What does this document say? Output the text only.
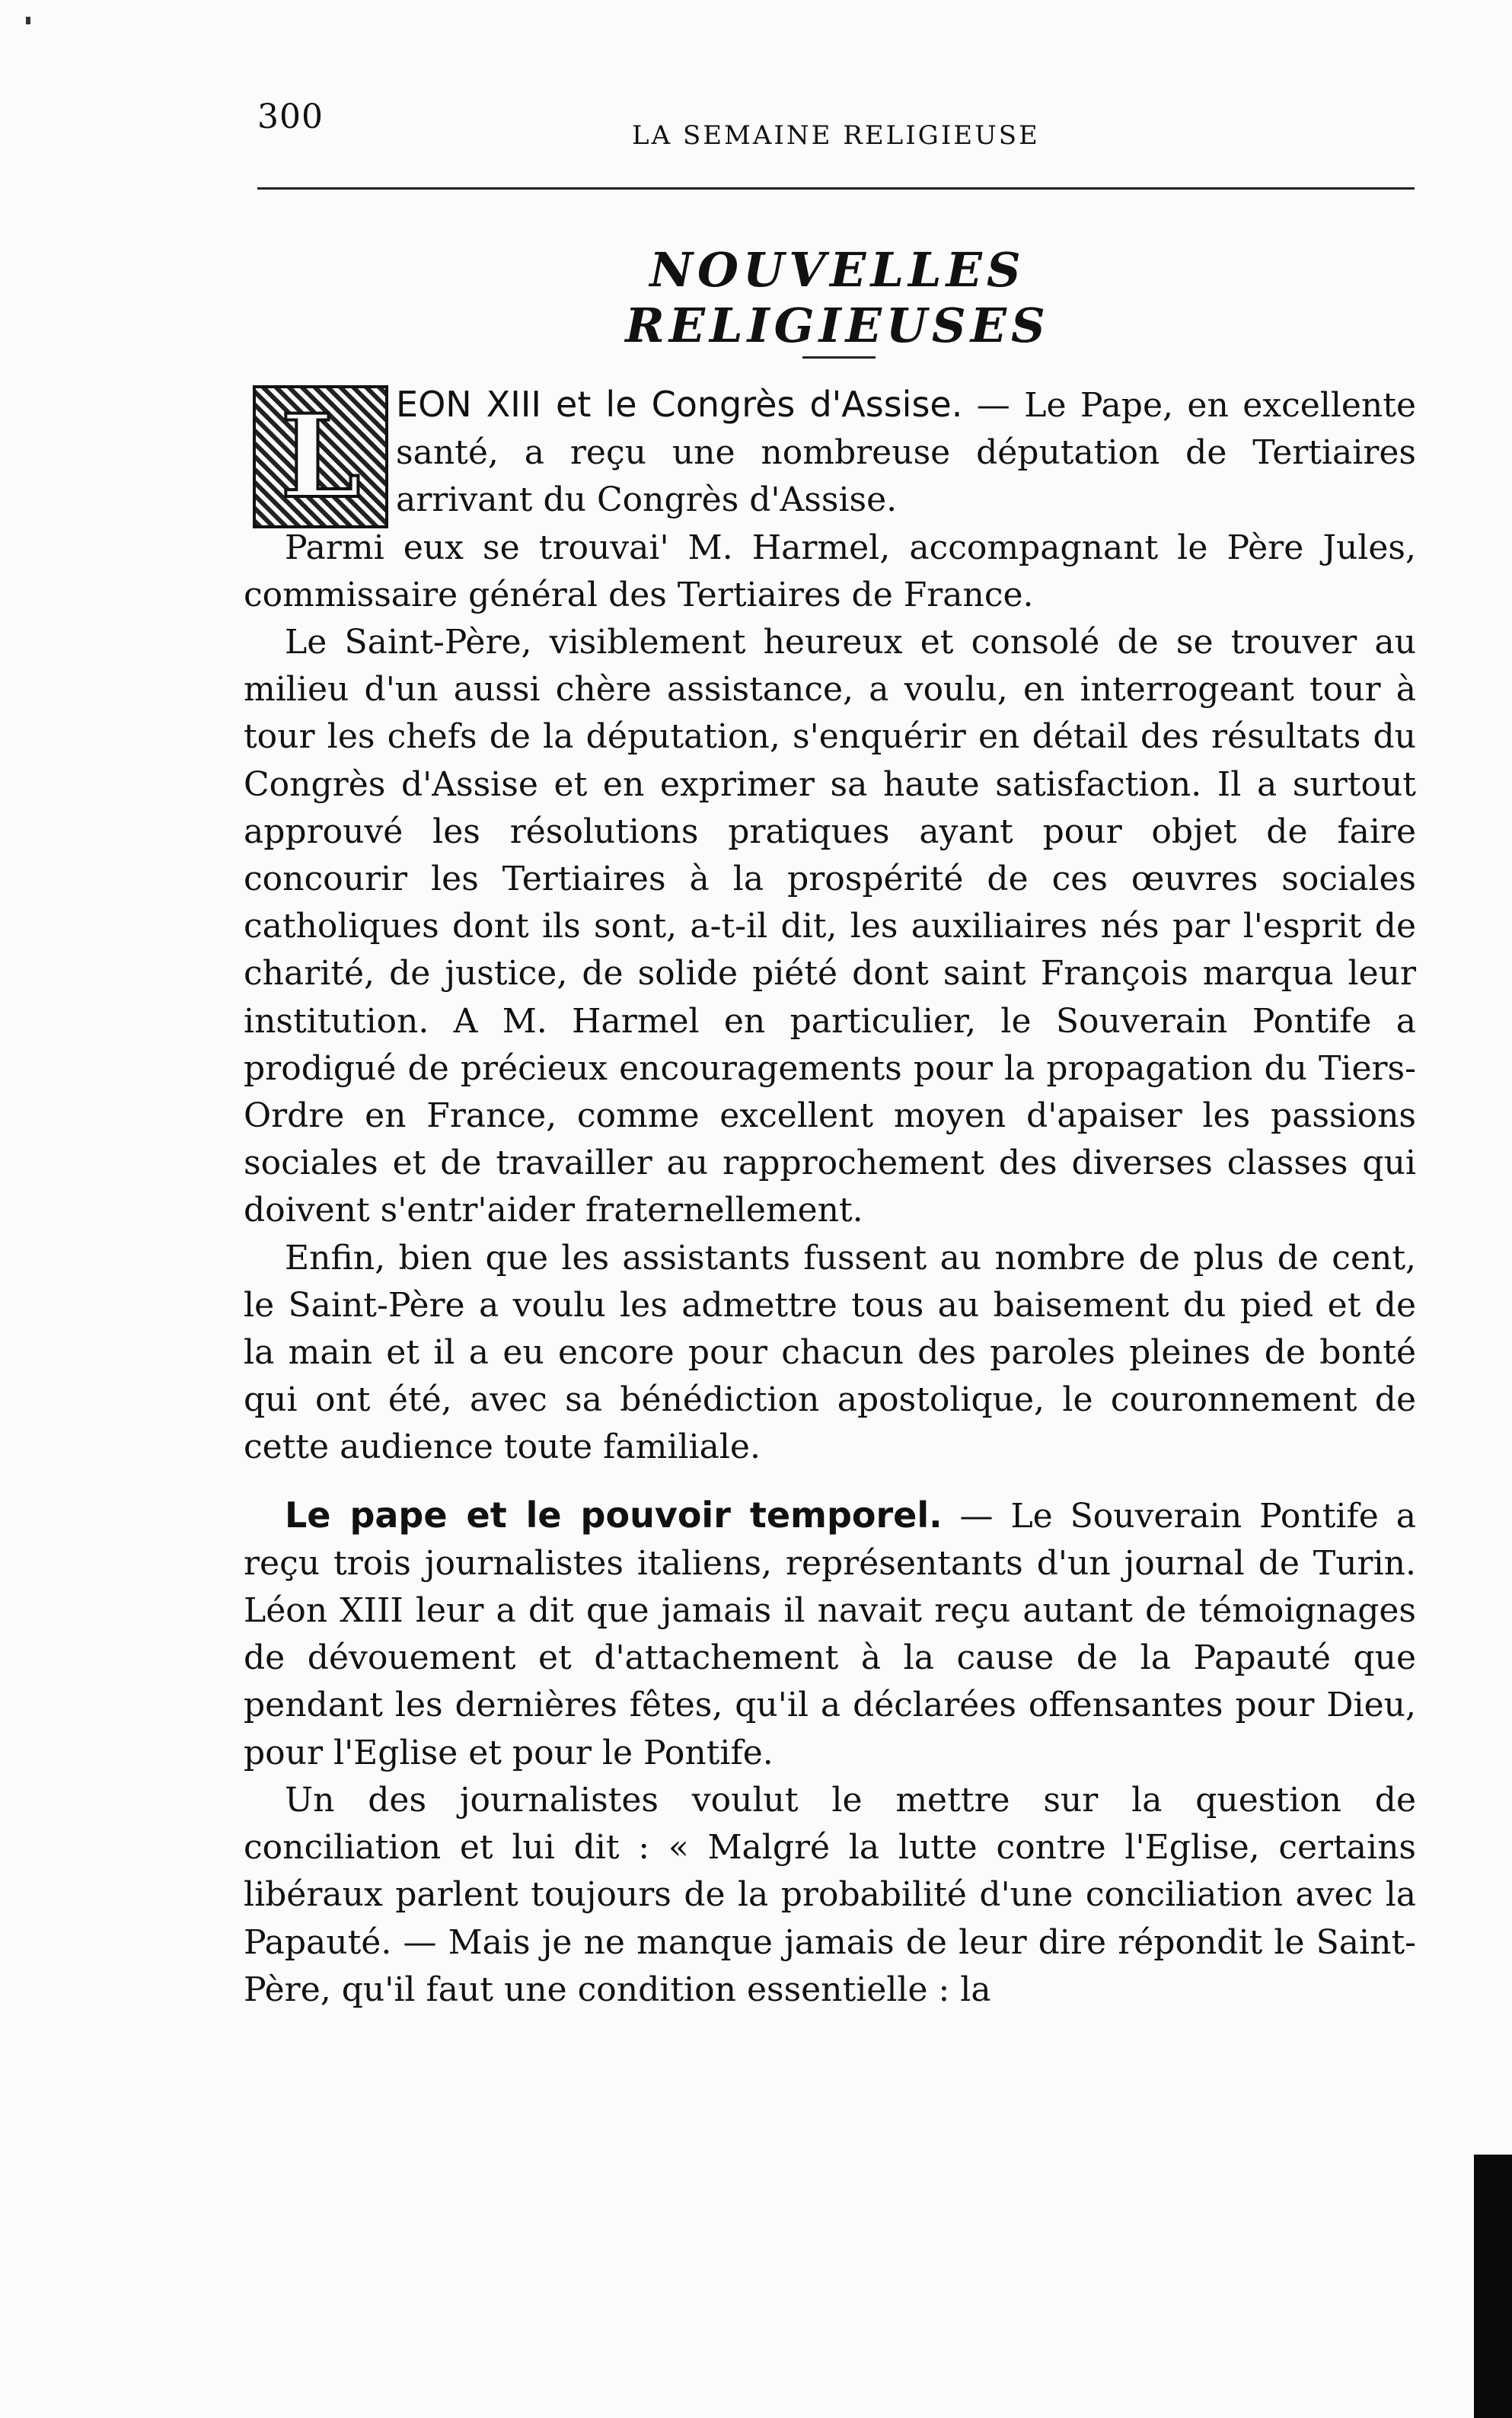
300	LA SEMAINE RELIGIEUSE
NOUVELLES RELIGIEUSES
L	EON XIII et le Congrès d'Assise. — Le Pape, en excellente santé, a reçu une nombreuse députation de Tertiaires arrivant du Congrès d'Assise.

Parmi eux se trouvai' M. Harmel, accompagnant le Père Jules, commissaire général des Tertiaires de France.

Le Saint-Père, visiblement heureux et consolé de se trouver au milieu d'un aussi chère assistance, a voulu, en interrogeant tour à tour les chefs de la députation, s'enquérir en détail des résultats du Congrès d'Assise et en exprimer sa haute satisfaction. Il a surtout approuvé les résolutions pratiques ayant pour objet de faire concourir les Tertiaires à la prospérité de ces œuvres sociales catholiques dont ils sont, a-t-il dit, les auxiliaires nés par l'esprit de charité, de justice, de solide piété dont saint François marqua leur institution. A M. Harmel en particulier, le Souverain Pontife a prodigué de précieux encouragements pour la propagation du Tiers-Ordre en France, comme excellent moyen d'apaiser les passions sociales et de travailler au rapprochement des diverses classes qui doivent s'entr'aider fraternellement.

Enfin, bien que les assistants fussent au nombre de plus de cent, le Saint-Père a voulu les admettre tous au baisement du pied et de la main et il a eu encore pour chacun des paroles pleines de bonté qui ont été, avec sa bénédiction apostolique, le couronnement de cette audience toute familiale.

Le pape et le pouvoir temporel. — Le Souverain Pontife a reçu trois journalistes italiens, représentants d'un journal de Turin. Léon XIII leur a dit que jamais il navait reçu autant de témoignages de dévouement et d'attachement à la cause de la Papauté que pendant les dernières fêtes, qu'il a déclarées offensantes pour Dieu, pour l'Eglise et pour le Pontife.

Un des journalistes voulut le mettre sur la question de conciliation et lui dit : « Malgré la lutte contre l'Eglise, certains libéraux parlent toujours de la probabilité d'une conciliation avec la Papauté. — Mais je ne manque jamais de leur dire répondit le Saint-Père, qu'il faut une condition essentielle : la
